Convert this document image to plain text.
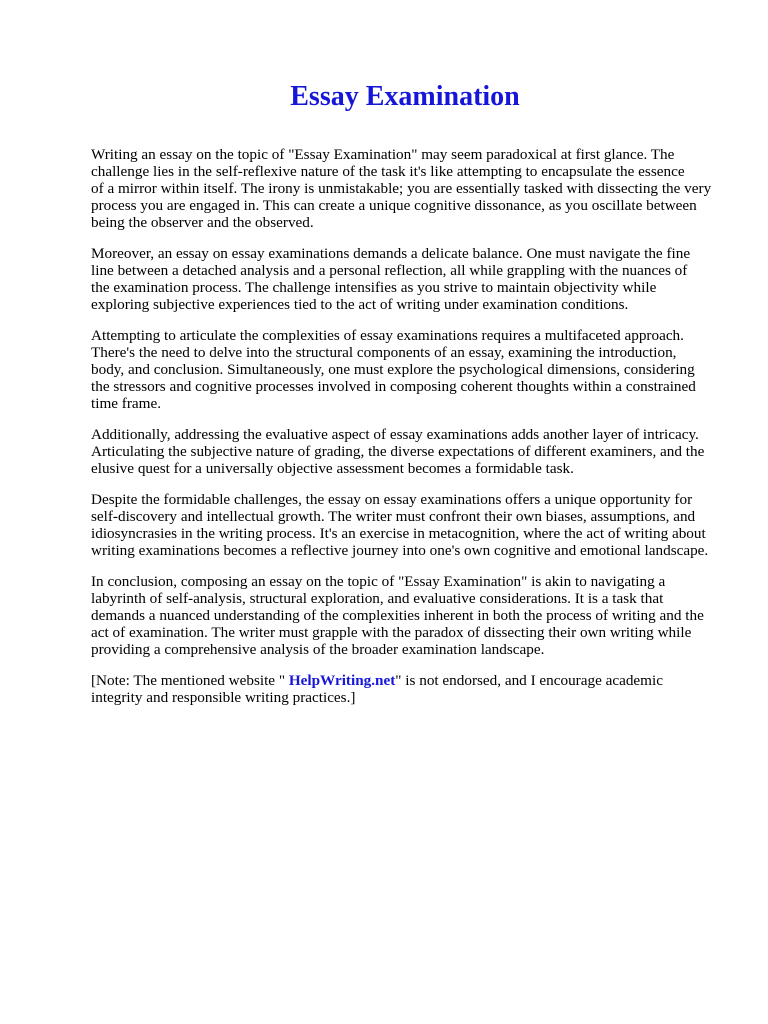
Essay Examination

Writing an essay on the topic of "Essay Examination" may seem paradoxical at first glance. The
challenge lies in the self-reflexive nature of the task it's like attempting to encapsulate the essence
of a mirror within itself. The irony is unmistakable; you are essentially tasked with dissecting the very
process you are engaged in. This can create a unique cognitive dissonance, as you oscillate between
being the observer and the observed.

Moreover, an essay on essay examinations demands a delicate balance. One must navigate the fine
line between a detached analysis and a personal reflection, all while grappling with the nuances of
the examination process. The challenge intensifies as you strive to maintain objectivity while
exploring subjective experiences tied to the act of writing under examination conditions.

Attempting to articulate the complexities of essay examinations requires a multifaceted approach.
There's the need to delve into the structural components of an essay, examining the introduction,
body, and conclusion. Simultaneously, one must explore the psychological dimensions, considering
the stressors and cognitive processes involved in composing coherent thoughts within a constrained
time frame.

Additionally, addressing the evaluative aspect of essay examinations adds another layer of intricacy.
Articulating the subjective nature of grading, the diverse expectations of different examiners, and the
elusive quest for a universally objective assessment becomes a formidable task.

Despite the formidable challenges, the essay on essay examinations offers a unique opportunity for
self-discovery and intellectual growth. The writer must confront their own biases, assumptions, and
idiosyncrasies in the writing process. It's an exercise in metacognition, where the act of writing about
writing examinations becomes a reflective journey into one's own cognitive and emotional landscape.

In conclusion, composing an essay on the topic of "Essay Examination" is akin to navigating a
labyrinth of self-analysis, structural exploration, and evaluative considerations. It is a task that
demands a nuanced understanding of the complexities inherent in both the process of writing and the
act of examination. The writer must grapple with the paradox of dissecting their own writing while
providing a comprehensive analysis of the broader examination landscape.

[Note: The mentioned website " HelpWriting.net" is not endorsed, and I encourage academic
integrity and responsible writing practices.]
